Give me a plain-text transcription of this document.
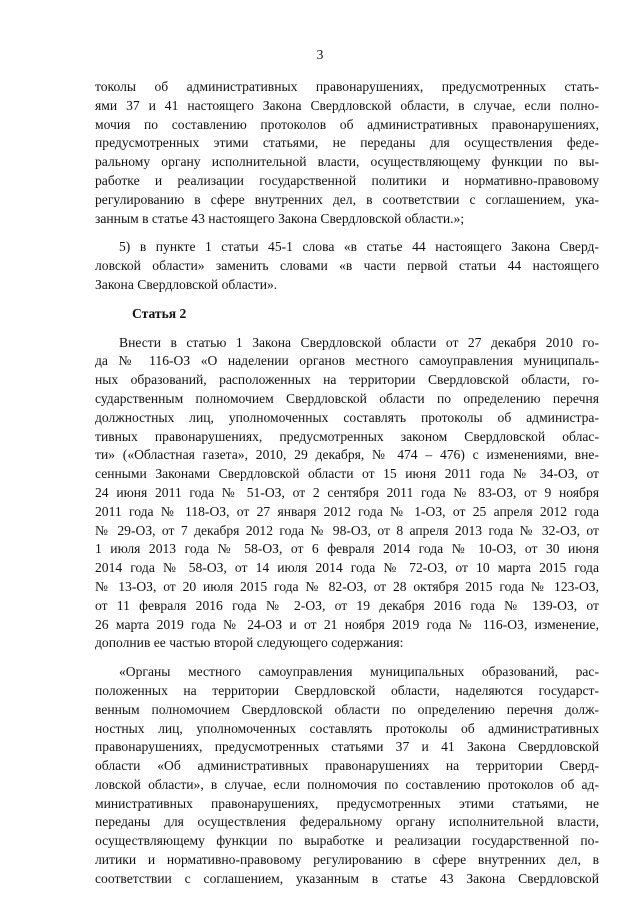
3
токолы об административных правонарушениях, предусмотренных стать-
ями 37 и 41 настоящего Закона Свердловской области, в случае, если полно-
мочия по составлению протоколов об административных правонарушениях,
предусмотренных этими статьями, не переданы для осуществления феде-
ральному органу исполнительной власти, осуществляющему функции по вы-
работке и реализации государственной политики и нормативно-правовому
регулированию в сфере внутренних дел, в соответствии с соглашением, ука-
занным в статье 43 настоящего Закона Свердловской области.»;
5) в пункте 1 статьи 45-1 слова «в статье 44 настоящего Закона Сверд-
ловской области» заменить словами «в части первой статьи 44 настоящего
Закона Свердловской области».
Статья 2
Внести в статью 1 Закона Свердловской области от 27 декабря 2010 го-
да № 116-ОЗ «О наделении органов местного самоуправления муниципаль-
ных образований, расположенных на территории Свердловской области, го-
сударственным полномочием Свердловской области по определению перечня
должностных лиц, уполномоченных составлять протоколы об администра-
тивных правонарушениях, предусмотренных законом Свердловской облас-
ти» («Областная газета», 2010, 29 декабря, № 474 – 476) с изменениями, вне-
сенными Законами Свердловской области от 15 июня 2011 года № 34-ОЗ, от
24 июня 2011 года № 51-ОЗ, от 2 сентября 2011 года № 83-ОЗ, от 9 ноября
2011 года № 118-ОЗ, от 27 января 2012 года № 1-ОЗ, от 25 апреля 2012 года
№ 29-ОЗ, от 7 декабря 2012 года № 98-ОЗ, от 8 апреля 2013 года № 32-ОЗ, от
1 июля 2013 года № 58-ОЗ, от 6 февраля 2014 года № 10-ОЗ, от 30 июня
2014 года № 58-ОЗ, от 14 июля 2014 года № 72-ОЗ, от 10 марта 2015 года
№ 13-ОЗ, от 20 июля 2015 года № 82-ОЗ, от 28 октября 2015 года № 123-ОЗ,
от 11 февраля 2016 года № 2-ОЗ, от 19 декабря 2016 года № 139-ОЗ, от
26 марта 2019 года № 24-ОЗ и от 21 ноября 2019 года № 116-ОЗ, изменение,
дополнив ее частью второй следующего содержания:
«Органы местного самоуправления муниципальных образований, рас-
положенных на территории Свердловской области, наделяются государст-
венным полномочием Свердловской области по определению перечня долж-
ностных лиц, уполномоченных составлять протоколы об административных
правонарушениях, предусмотренных статьями 37 и 41 Закона Свердловской
области «Об административных правонарушениях на территории Сверд-
ловской области», в случае, если полномочия по составлению протоколов об ад-
министративных правонарушениях, предусмотренных этими статьями, не
переданы для осуществления федеральному органу исполнительной власти,
осуществляющему функции по выработке и реализации государственной по-
литики и нормативно-правовому регулированию в сфере внутренних дел, в
соответствии с соглашением, указанным в статье 43 Закона Свердловской
